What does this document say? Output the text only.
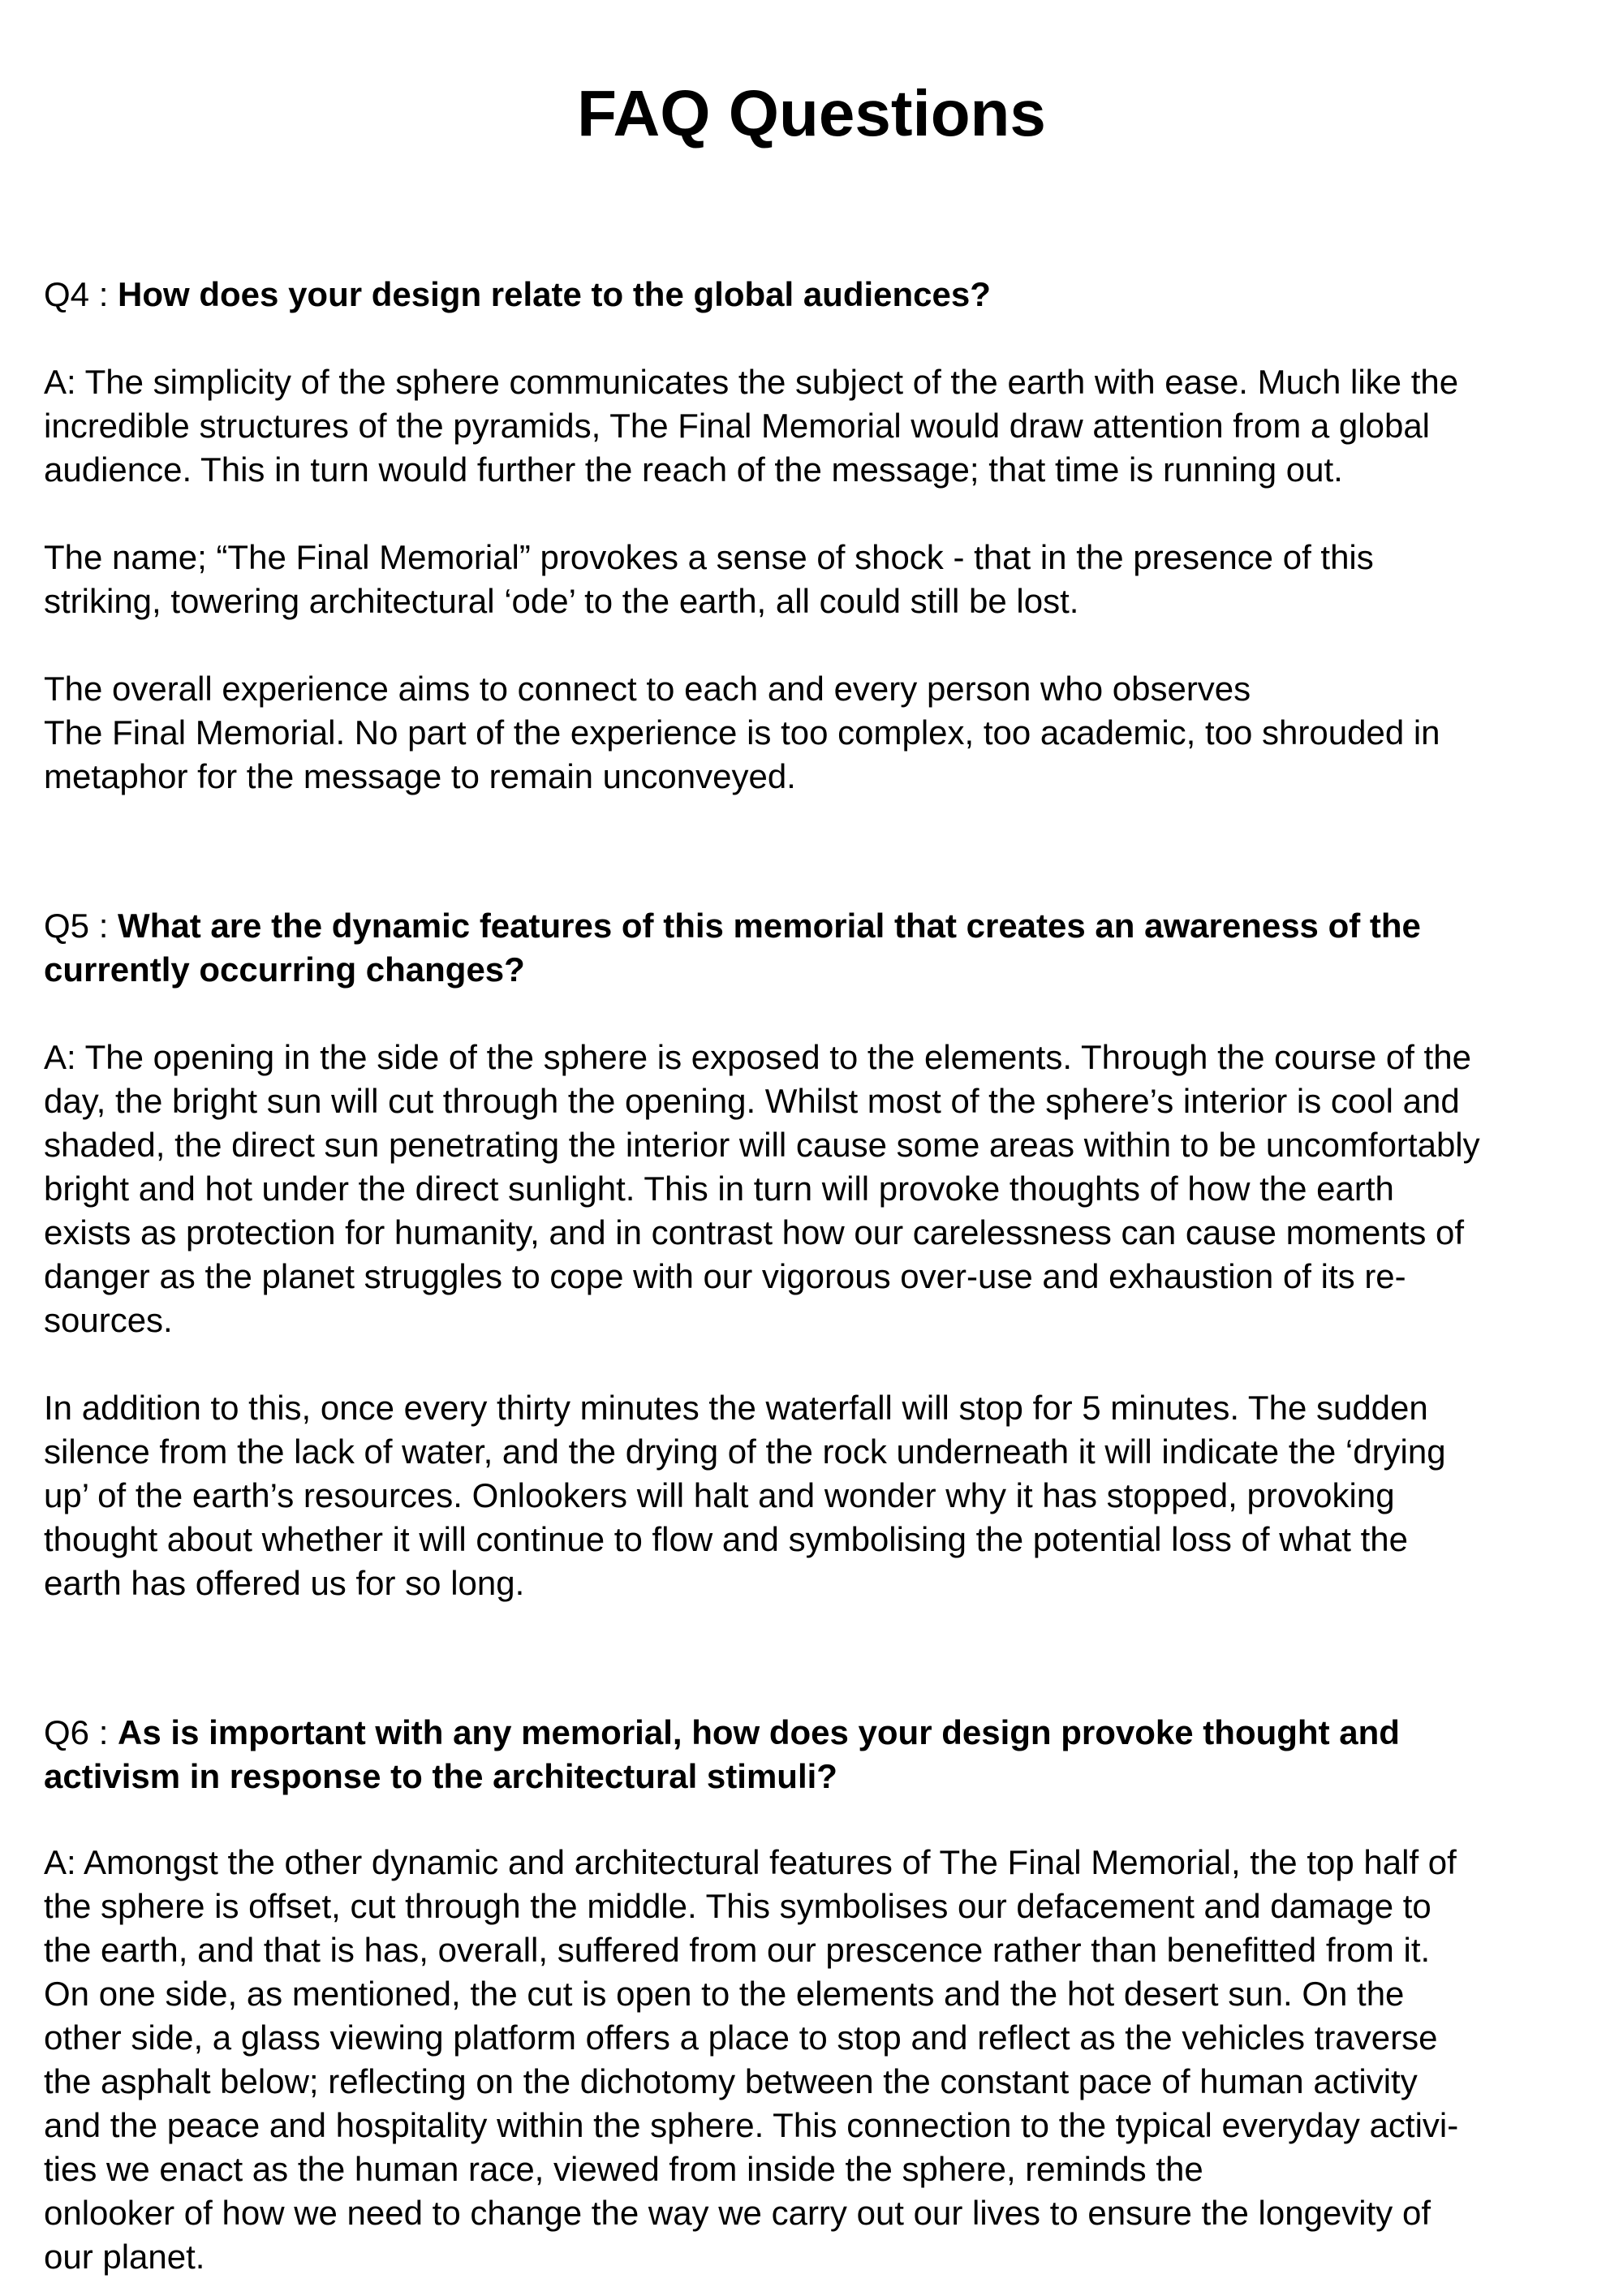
FAQ Questions

Q4 : How does your design relate to the global audiences?

A: The simplicity of the sphere communicates the subject of the earth with ease. Much like the
incredible structures of the pyramids, The Final Memorial would draw attention from a global
audience. This in turn would further the reach of the message; that time is running out.

The name; “The Final Memorial” provokes a sense of shock - that in the presence of this
striking, towering architectural ‘ode’ to the earth, all could still be lost.

The overall experience aims to connect to each and every person who observes
The Final Memorial. No part of the experience is too complex, too academic, too shrouded in
metaphor for the message to remain unconveyed.

Q5 : What are the dynamic features of this memorial that creates an awareness of the
currently occurring changes?

A: The opening in the side of the sphere is exposed to the elements. Through the course of the
day, the bright sun will cut through the opening. Whilst most of the sphere’s interior is cool and
shaded, the direct sun penetrating the interior will cause some areas within to be uncomfortably
bright and hot under the direct sunlight. This in turn will provoke thoughts of how the earth
exists as protection for humanity, and in contrast how our carelessness can cause moments of
danger as the planet struggles to cope with our vigorous over-use and exhaustion of its re-
sources.

In addition to this, once every thirty minutes the waterfall will stop for 5 minutes. The sudden
silence from the lack of water, and the drying of the rock underneath it will indicate the ‘drying
up’ of the earth’s resources. Onlookers will halt and wonder why it has stopped, provoking
thought about whether it will continue to flow and symbolising the potential loss of what the
earth has offered us for so long.

Q6 : As is important with any memorial, how does your design provoke thought and
activism in response to the architectural stimuli?

A: Amongst the other dynamic and architectural features of The Final Memorial, the top half of
the sphere is offset, cut through the middle. This symbolises our defacement and damage to
the earth, and that is has, overall, suffered from our prescence rather than benefitted from it.
On one side, as mentioned, the cut is open to the elements and the hot desert sun. On the
other side, a glass viewing platform offers a place to stop and reflect as the vehicles traverse
the asphalt below; reflecting on the dichotomy between the constant pace of human activity
and the peace and hospitality within the sphere. This connection to the typical everyday activi-
ties we enact as the human race, viewed from inside the sphere, reminds the
onlooker of how we need to change the way we carry out our lives to ensure the longevity of
our planet.
